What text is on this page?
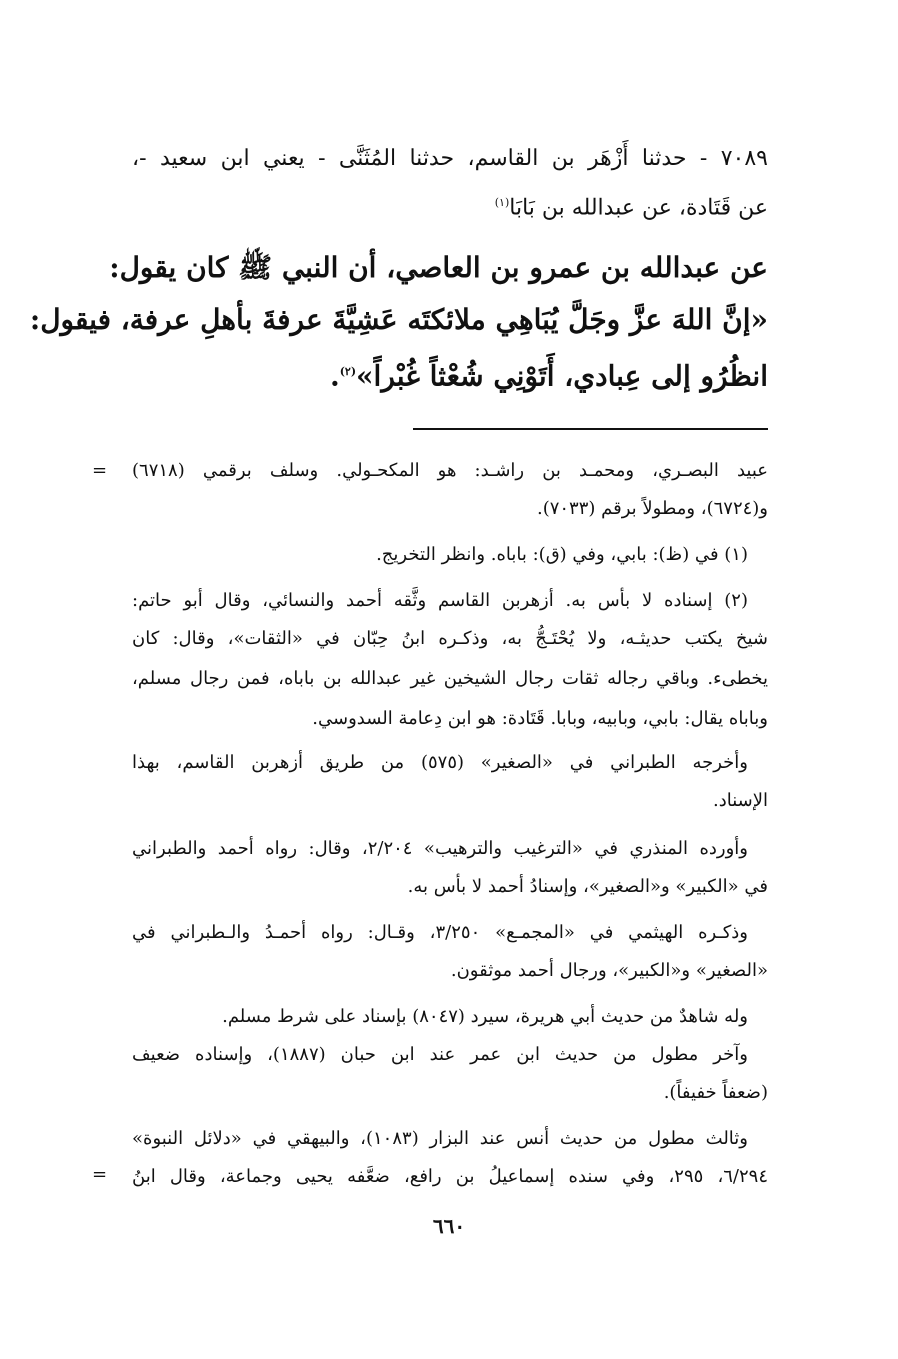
٧٠٨٩ - حدثنا أَزْهَر بن القاسم، حدثنا المُثَنَّى - يعني ابن سعيد -،
عن قَتَادة، عن عبدالله بن بَابَا$^{(١)}$
عن عبدالله بن عمرو بن العاصي، أن النبي ﷺ كان يقول:
«إنَّ اللهَ عزَّ وجَلَّ يُبَاهِي ملائكتَه عَشِيَّةَ عرفةَ بأهلِ عرفة، فيقول:
انظُرُو إلى عِبادي، أَتَوْنِي شُعْثاً غُبْراً»$^{(٢)}$.
= عبيد البصـري، ومحمـد بن راشـد: هو المكحـولي. وسلف برقمي (٦٧١٨)
و(٦٧٢٤)، ومطولاً برقم (٧٠٣٣).
(١) في (ظ): بابي، وفي (ق): باباه. وانظر التخريج.
(٢) إسناده لا بأس به. أزهربن القاسم وثَّقه أحمد والنسائي، وقال أبو حاتم:
شيخ يكتب حديثـه، ولا يُحْتَـجُّ به، وذكـره ابنُ حِبّان في «الثقات»، وقال: كان
يخطىء. وباقي رجاله ثقات رجال الشيخين غير عبدالله بن باباه، فمن رجال مسلم،
وباباه يقال: بابي، وبابيه، وبابا. قَتَادة: هو ابن دِعامة السدوسي.
وأخرجه الطبراني في «الصغير» (٥٧٥) من طريق أزهربن القاسم، بهذا
الإسناد.
وأورده المنذري في «الترغيب والترهيب» ٢/٢٠٤، وقال: رواه أحمد والطبراني
في «الكبير» و«الصغير»، وإسنادُ أحمد لا بأس به.
وذكـره الهيثمي في «المجمـع» ٣/٢٥٠، وقـال: رواه أحمـدُ والـطبراني في
«الصغير» و«الكبير»، ورجال أحمد موثقون.
وله شاهدٌ من حديث أبي هريرة، سيرد (٨٠٤٧) بإسناد على شرط مسلم.
وآخر مطول من حديث ابن عمر عند ابن حبان (١٨٨٧)، وإسناده ضعيف
(ضعفاً خفيفاً).
وثالث مطول من حديث أنس عند البزار (١٠٨٣)، والبيهقي في «دلائل النبوة»
٦/٢٩٤، ٢٩٥، وفي سنده إسماعيلُ بن رافع، ضعَّفه يحيى وجماعة، وقال ابنُ
=
٦٦٠
